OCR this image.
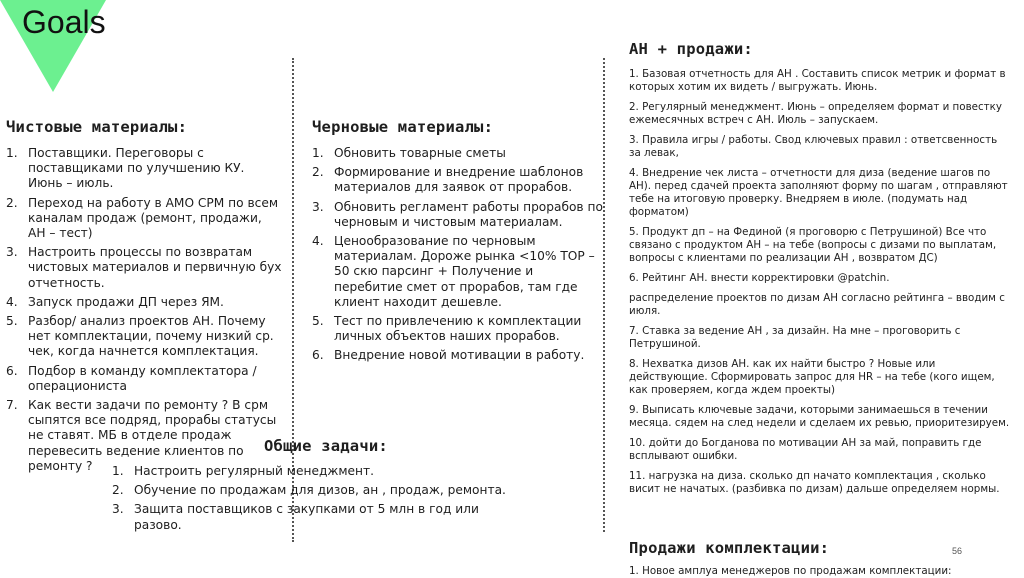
Goals
Чистовые материалы:
1. Поставщики. Переговоры с поставщиками по улучшению КУ. Июнь – июль.
2. Переход на работу в АМО СРМ по всем каналам продаж (ремонт, продажи, АН – тест)
3. Настроить процессы по возвратам чистовых материалов и первичную бух отчетность.
4. Запуск продажи ДП через ЯМ.
5. Разбор/ анализ проектов АН. Почему нет комплектации, почему низкий ср. чек, когда начнется комплектация.
6. Подбор в команду комплектатора / операциониста
7. Как вести задачи по ремонту ? В срм сыпятся все подряд, прорабы статусы не ставят. МБ в отделе продаж перевесить ведение клиентов по ремонту ?
Черновые материалы:
1. Обновить товарные сметы
2. Формирование и внедрение шаблонов материалов для заявок от прорабов.
3. Обновить регламент работы прорабов по черновым и чистовым материалам.
4. Ценообразование по черновым материалам. Дороже рынка <10% ТОР – 50 скю парсинг + Получение и перебитие смет от прорабов, там где клиент находит дешевле.
5. Тест по привлечению к комплектации личных объектов наших прорабов.
6. Внедрение новой мотивации в работу.
Общие задачи:
1. Настроить регулярный менеджмент.
2. Обучение по продажам для дизов, ан , продаж, ремонта.
3. Защита поставщиков с закупками от 5 млн в год или разово.
АН + продажи:

1. Базовая отчетность для АН . Составить список метрик и формат в которых хотим их видеть / выгружать. Июнь.

2. Регулярный менеджмент. Июнь – определяем формат и повестку ежемесячных встреч с АН. Июль – запускаем.

3. Правила игры / работы. Свод ключевых правил : ответсвенность за левак,

4. Внедрение чек листа – отчетности для диза (ведение шагов по АН). перед сдачей проекта заполняют форму по шагам , отправляют тебе на итоговую проверку. Внедряем в июле. (подумать над форматом)

5. Продукт дп – на Фединой (я проговорю с Петрушиной) Все что связано с продуктом АН – на тебе (вопросы с дизами по выплатам, вопросы с клиентами по реализации АН , возвратом ДС)

6. Рейтинг АН. внести корректировки @patchin.

распределение проектов по дизам АН согласно рейтинга – вводим с июля.

7. Ставка за ведение АН , за дизайн. На мне – проговорить с Петрушиной.

8. Нехватка дизов АН. как их найти быстро ? Новые или действующие. Сформировать запрос для HR – на тебе (кого ищем, как проверяем, когда ждем проекты)

9. Выписать ключевые задачи, которыми занимаешься в течении месяца. сядем на след недели и сделаем их ревью, приоритезируем.

10. дойти до Богданова по мотивации АН за май, поправить где всплывают ошибки.

11. нагрузка на диза. сколько дп начато комплектация , сколько висит не начатых. (разбивка по дизам) дальше определяем нормы.

Продажи комплектации:
1. Новое амплуа менеджеров по продажам комплектации:
56
